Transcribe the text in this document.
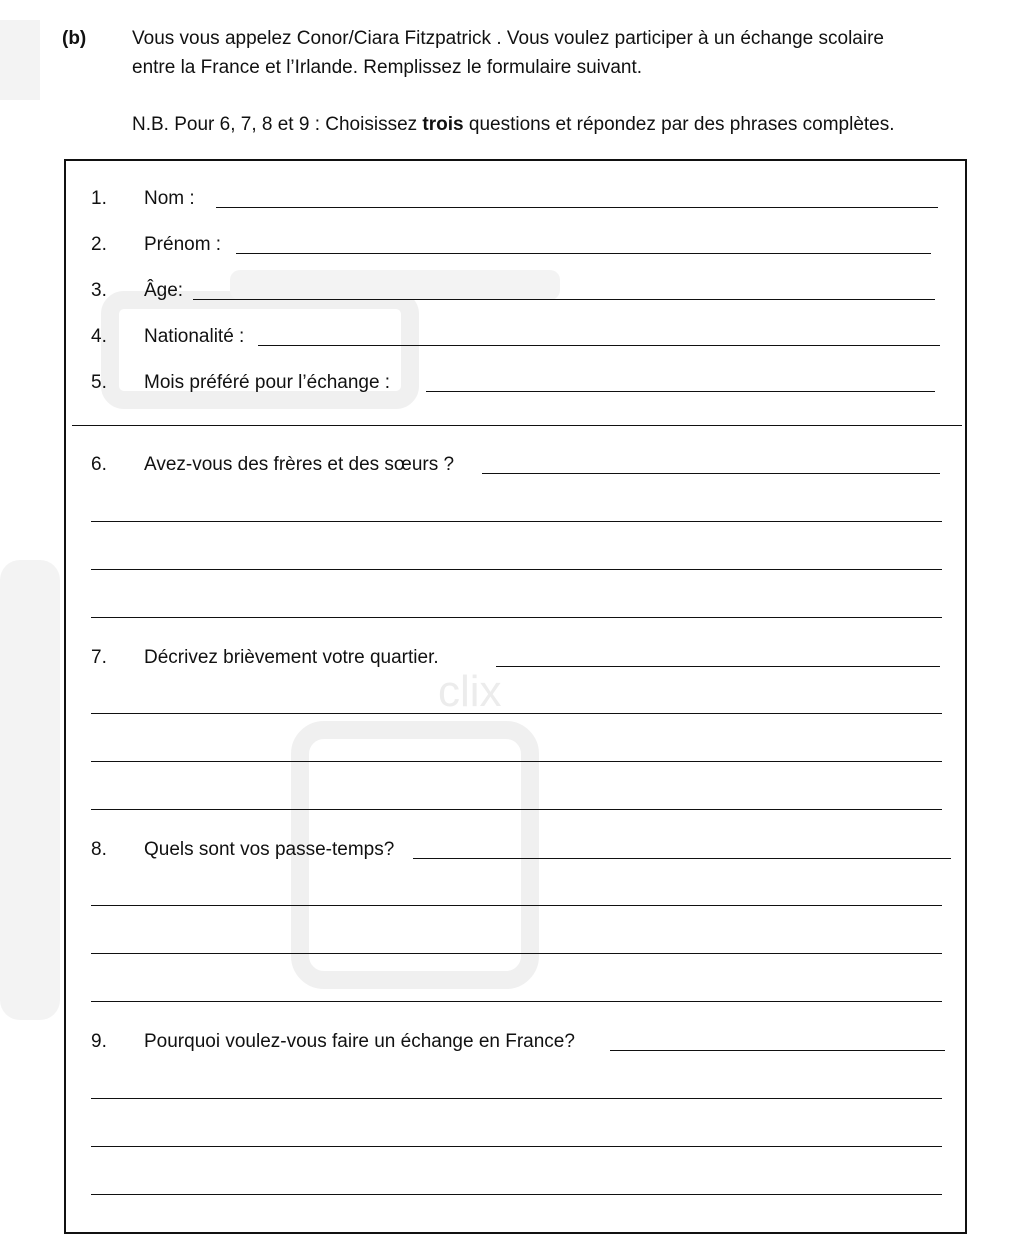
clix
(b) Vous vous appelez Conor/Ciara Fitzpatrick . Vous voulez participer à un échange scolaire
entre la France et l’Irlande. Remplissez le formulaire suivant.
N.B. Pour 6, 7, 8 et 9 : Choisissez trois questions et répondez par des phrases complètes.
1. Nom :
2. Prénom :
3. Âge:
4. Nationalité :
5. Mois préféré pour l’échange :
6. Avez-vous des frères et des sœurs ?
7. Décrivez brièvement votre quartier.
8. Quels sont vos passe-temps?
9. Pourquoi voulez-vous faire un échange en France?
